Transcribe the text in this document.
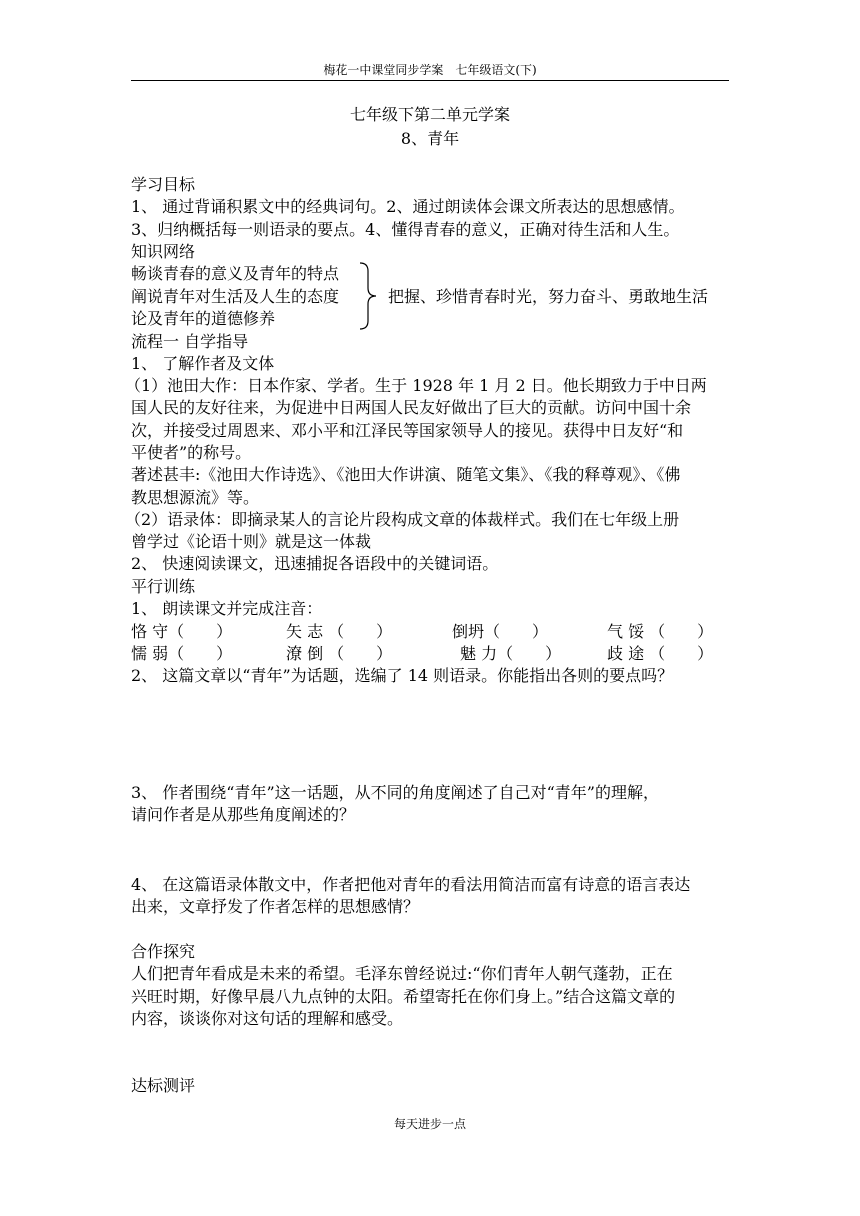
梅花一中课堂同步学案　七年级语文(下)
七年级下第二单元学案
8、青年
学习目标
1、 通过背诵积累文中的经典词句。2、通过朗读体会课文所表达的思想感情。
3、归纳概括每一则语录的要点。4、懂得青春的意义，正确对待生活和人生。
知识网络
畅谈青春的意义及青年的特点
阐说青年对生活及人生的态度
论及青年的道德修养
把握、珍惜青春时光，努力奋斗、勇敢地生活
流程一 自学指导
1、 了解作者及文体
（1）池田大作：日本作家、学者。生于 1928 年 1 月 2 日。他长期致力于中日两
国人民的友好往来，为促进中日两国人民友好做出了巨大的贡献。访问中国十余
次，并接受过周恩来、邓小平和江泽民等国家领导人的接见。获得中日友好“和
平使者”的称号。
著述甚丰:《池田大作诗选》、《池田大作讲演、随笔文集》、《我的释尊观》、《佛
教思想源流》等。
（2）语录体：即摘录某人的言论片段构成文章的体裁样式。我们在七年级上册
曾学过《论语十则》就是这一体裁
2、 快速阅读课文，迅速捕捉各语段中的关键词语。
平行训练
1、 朗读课文并完成注音：
恪 守（　　）	矢 志 （　　）	倒坍（　　）	气 馁 （　　）
懦 弱（　　）	潦 倒 （　　）	魅 力（　　）	歧 途 （　　）
2、 这篇文章以“青年”为话题，选编了 14 则语录。你能指出各则的要点吗？
3、 作者围绕“青年”这一话题，从不同的角度阐述了自己对“青年”的理解，
请问作者是从那些角度阐述的？
4、 在这篇语录体散文中，作者把他对青年的看法用简洁而富有诗意的语言表达
出来，文章抒发了作者怎样的思想感情？
合作探究
人们把青年看成是未来的希望。毛泽东曾经说过:“你们青年人朝气蓬勃，正在
兴旺时期，好像早晨八九点钟的太阳。希望寄托在你们身上。”结合这篇文章的
内容，谈谈你对这句话的理解和感受。
达标测评
每天进步一点
